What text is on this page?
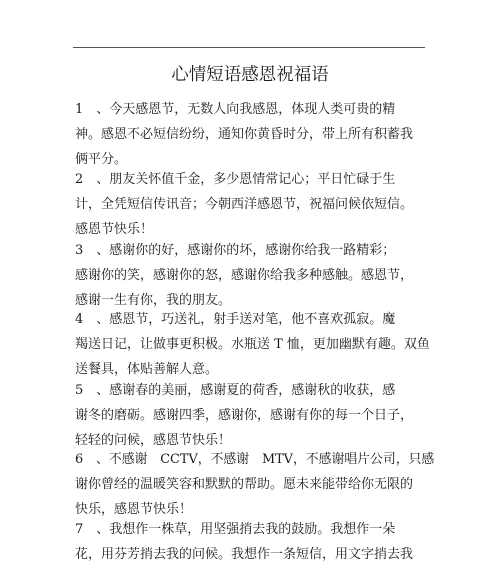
心情短语感恩祝福语
1　、今天感恩节，无数人向我感恩，体现人类可贵的精
神。感恩不必短信纷纷，通知你黄昏时分，带上所有积蓄我
俩平分。
2　、朋友关怀值千金，多少恩情常记心；平日忙碌于生
计，全凭短信传讯音；今朝西洋感恩节，祝福问候依短信。
感恩节快乐！
3　、感谢你的好，感谢你的坏，感谢你给我一路精彩；
感谢你的笑，感谢你的怒，感谢你给我多种感触。感恩节，
感谢一生有你，我的朋友。
4　、感恩节，巧送礼，射手送对笔，他不喜欢孤寂。魔
羯送日记，让做事更积极。水瓶送 T 恤，更加幽默有趣。双鱼
送餐具，体贴善解人意。
5　、感谢春的美丽，感谢夏的荷香，感谢秋的收获，感
谢冬的磨砺。感谢四季，感谢你，感谢有你的每一个日子，
轻轻的问候，感恩节快乐！
6　、不感谢　CCTV，不感谢　MTV，不感谢唱片公司，只感
谢你曾经的温暖笑容和默默的帮助。愿未来能带给你无限的
快乐，感恩节快乐！
7　、我想作一株草，用坚强捎去我的鼓励。我想作一朵
花，用芬芳捎去我的问候。我想作一条短信，用文字捎去我
